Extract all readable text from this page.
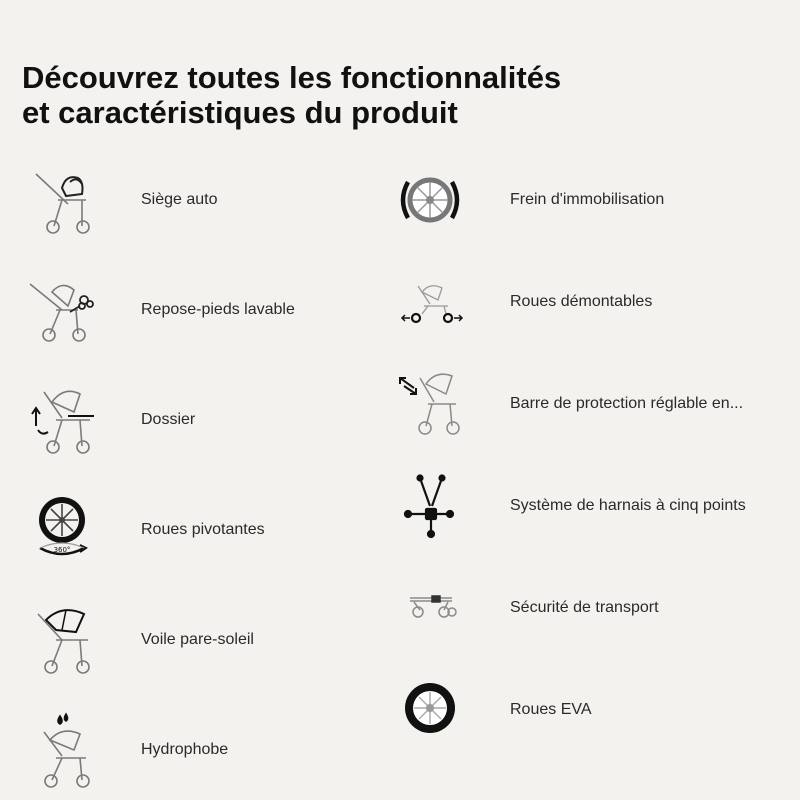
Découvrez toutes les fonctionnalités
et caractéristiques du produit
Siège auto
Repose-pieds lavable
Dossier
360°
Roues pivotantes
Voile pare-soleil
Hydrophobe
Frein d'immobilisation
Roues démontables
Barre de protection réglable en...
Système de harnais à cinq points
Sécurité de transport
Roues EVA
